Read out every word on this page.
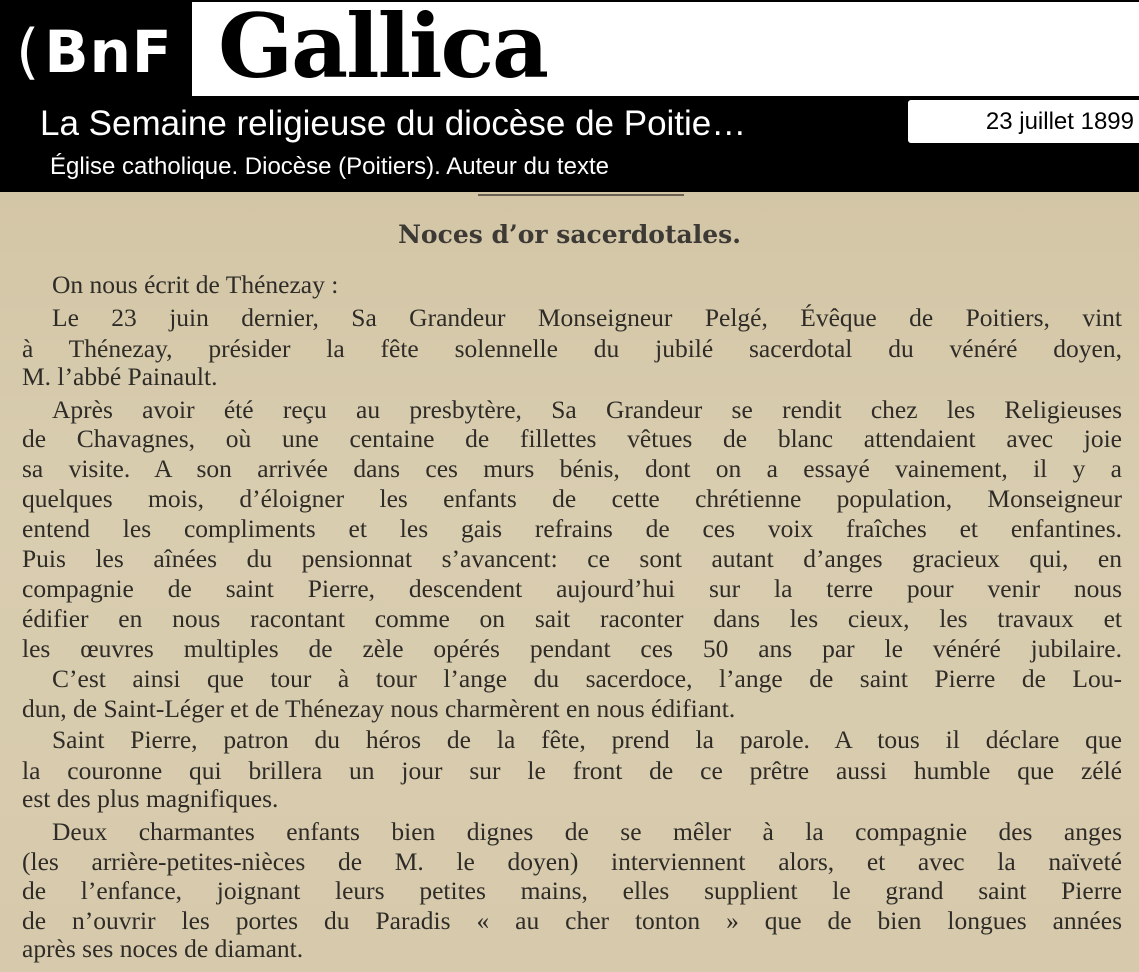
(BnF Gallica
La Semaine religieuse du diocèse de Poitie…	23 juillet 1899
Église catholique. Diocèse (Poitiers). Auteur du texte
Noces d’or sacerdotales.
On nous écrit de Thénezay :
Le 23 juin dernier, Sa Grandeur Monseigneur Pelgé, Évêque de Poitiers, vint
à Thénezay, présider la fête solennelle du jubilé sacerdotal du vénéré doyen,
M. l’abbé Painault.
Après avoir été reçu au presbytère, Sa Grandeur se rendit chez les Religieuses
de Chavagnes, où une centaine de fillettes vêtues de blanc attendaient avec joie
sa visite. A son arrivée dans ces murs bénis, dont on a essayé vainement, il y a
quelques mois, d’éloigner les enfants de cette chrétienne population, Monseigneur
entend les compliments et les gais refrains de ces voix fraîches et enfantines.
Puis les aînées du pensionnat s’avancent: ce sont autant d’anges gracieux qui, en
compagnie de saint Pierre, descendent aujourd’hui sur la terre pour venir nous
édifier en nous racontant comme on sait raconter dans les cieux, les travaux et
les œuvres multiples de zèle opérés pendant ces 50 ans par le vénéré jubilaire.
C’est ainsi que tour à tour l’ange du sacerdoce, l’ange de saint Pierre de Lou-
dun, de Saint-Léger et de Thénezay nous charmèrent en nous édifiant.
Saint Pierre, patron du héros de la fête, prend la parole. A tous il déclare que
la couronne qui brillera un jour sur le front de ce prêtre aussi humble que zélé
est des plus magnifiques.
Deux charmantes enfants bien dignes de se mêler à la compagnie des anges
(les arrière-petites-nièces de M. le doyen) interviennent alors, et avec la naïveté
de l’enfance, joignant leurs petites mains, elles supplient le grand saint Pierre
de n’ouvrir les portes du Paradis « au cher tonton » que de bien longues années
après ses noces de diamant.
